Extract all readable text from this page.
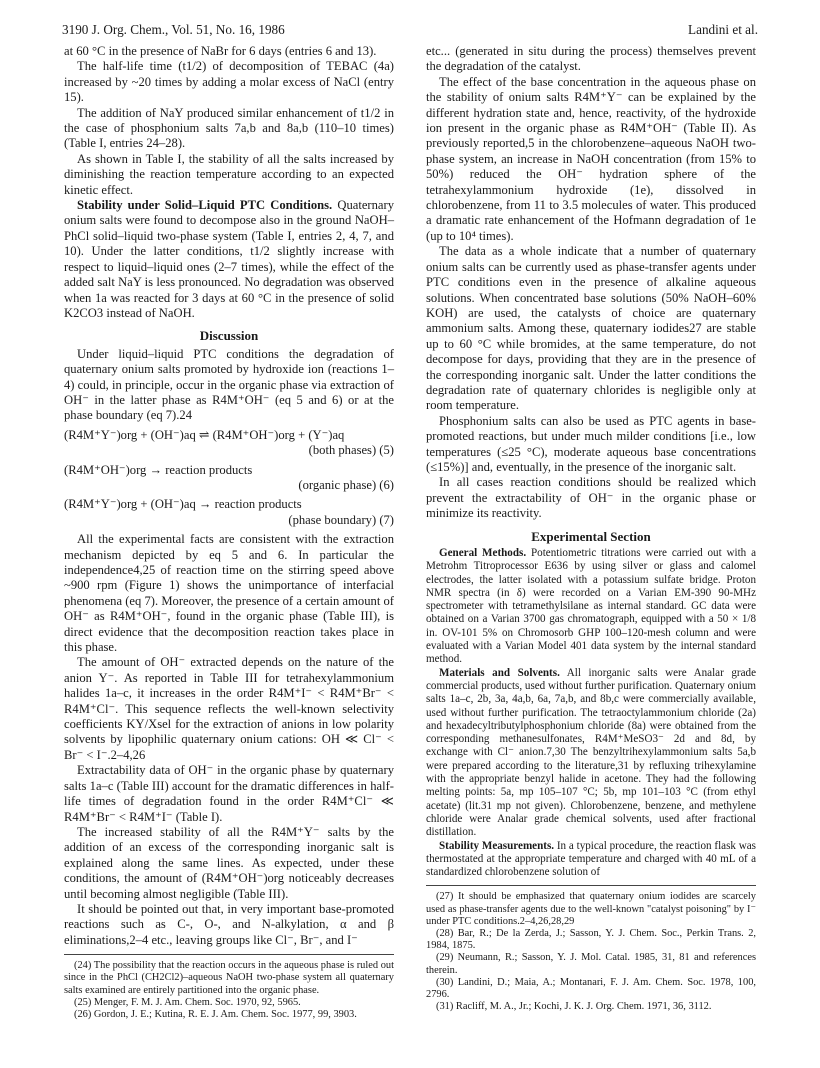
3190 J. Org. Chem., Vol. 51, No. 16, 1986	Landini et al.

at 60 °C in the presence of NaBr for 6 days (entries 6 and 13).

The half-life time (t1/2) of decomposition of TEBAC (4a) increased by ~20 times by adding a molar excess of NaCl (entry 15).

The addition of NaY produced similar enhancement of t1/2 in the case of phosphonium salts 7a,b and 8a,b (110–10 times) (Table I, entries 24–28).

As shown in Table I, the stability of all the salts increased by diminishing the reaction temperature according to an expected kinetic effect.

Stability under Solid–Liquid PTC Conditions. Quaternary onium salts were found to decompose also in the ground NaOH–PhCl solid–liquid two-phase system (Table I, entries 2, 4, 7, and 10). Under the latter conditions, t1/2 slightly increase with respect to liquid–liquid ones (2–7 times), while the effect of the added salt NaY is less pronounced. No degradation was observed when 1a was reacted for 3 days at 60 °C in the presence of solid K2CO3 instead of NaOH.

Discussion

Under liquid–liquid PTC conditions the degradation of quaternary onium salts promoted by hydroxide ion (reactions 1–4) could, in principle, occur in the organic phase via extraction of OH⁻ in the latter phase as R4M⁺OH⁻ (eq 5 and 6) or at the phase boundary (eq 7).24

(R4M⁺Y⁻)org + (OH⁻)aq ⇌ (R4M⁺OH⁻)org + (Y⁻)aq
(both phases) (5)
(R4M⁺OH⁻)org → reaction products
(organic phase) (6)
(R4M⁺Y⁻)org + (OH⁻)aq → reaction products
(phase boundary) (7)

All the experimental facts are consistent with the extraction mechanism depicted by eq 5 and 6. In particular the independence4,25 of reaction time on the stirring speed above ~900 rpm (Figure 1) shows the unimportance of interfacial phenomena (eq 7). Moreover, the presence of a certain amount of OH⁻ as R4M⁺OH⁻, found in the organic phase (Table III), is direct evidence that the decomposition reaction takes place in this phase.

The amount of OH⁻ extracted depends on the nature of the anion Y⁻. As reported in Table III for tetrahexylammonium halides 1a–c, it increases in the order R4M⁺I⁻ < R4M⁺Br⁻ < R4M⁺Cl⁻. This sequence reflects the well-known selectivity coefficients KY/Xsel for the extraction of anions in low polarity solvents by lipophilic quaternary onium cations: OH ≪ Cl⁻ < Br⁻ < I⁻.2–4,26

Extractability data of OH⁻ in the organic phase by quaternary salts 1a–c (Table III) account for the dramatic differences in half-life times of degradation found in the order R4M⁺Cl⁻ ≪ R4M⁺Br⁻ < R4M⁺I⁻ (Table I).

The increased stability of all the R4M⁺Y⁻ salts by the addition of an excess of the corresponding inorganic salt is explained along the same lines. As expected, under these conditions, the amount of (R4M⁺OH⁻)org noticeably decreases until becoming almost negligible (Table III).

It should be pointed out that, in very important base-promoted reactions such as C-, O-, and N-alkylation, α and β eliminations,2–4 etc., leaving groups like Cl⁻, Br⁻, and I⁻

(24) The possibility that the reaction occurs in the aqueous phase is ruled out since in the PhCl (CH2Cl2)–aqueous NaOH two-phase system all quaternary salts examined are entirely partitioned into the organic phase.

(25) Menger, F. M. J. Am. Chem. Soc. 1970, 92, 5965.

(26) Gordon, J. E.; Kutina, R. E. J. Am. Chem. Soc. 1977, 99, 3903.

etc... (generated in situ during the process) themselves prevent the degradation of the catalyst.

The effect of the base concentration in the aqueous phase on the stability of onium salts R4M⁺Y⁻ can be explained by the different hydration state and, hence, reactivity, of the hydroxide ion present in the organic phase as R4M⁺OH⁻ (Table II). As previously reported,5 in the chlorobenzene–aqueous NaOH two-phase system, an increase in NaOH concentration (from 15% to 50%) reduced the OH⁻ hydration sphere of the tetrahexylammonium hydroxide (1e), dissolved in chlorobenzene, from 11 to 3.5 molecules of water. This produced a dramatic rate enhancement of the Hofmann degradation of 1e (up to 10⁴ times).

The data as a whole indicate that a number of quaternary onium salts can be currently used as phase-transfer agents under PTC conditions even in the presence of alkaline aqueous solutions. When concentrated base solutions (50% NaOH–60% KOH) are used, the catalysts of choice are quaternary ammonium salts. Among these, quaternary iodides27 are stable up to 60 °C while bromides, at the same temperature, do not decompose for days, providing that they are in the presence of the corresponding inorganic salt. Under the latter conditions the degradation rate of quaternary chlorides is negligible only at room temperature.

Phosphonium salts can also be used as PTC agents in base-promoted reactions, but under much milder conditions [i.e., low temperatures (≤25 °C), moderate aqueous base concentrations (≤15%)] and, eventually, in the presence of the inorganic salt.

In all cases reaction conditions should be realized which prevent the extractability of OH⁻ in the organic phase or minimize its reactivity.

Experimental Section

General Methods. Potentiometric titrations were carried out with a Metrohm Titroprocessor E636 by using silver or glass and calomel electrodes, the latter isolated with a potassium sulfate bridge. Proton NMR spectra (in δ) were recorded on a Varian EM-390 90-MHz spectrometer with tetramethylsilane as internal standard. GC data were obtained on a Varian 3700 gas chromatograph, equipped with a 50 × 1/8 in. OV-101 5% on Chromosorb GHP 100–120-mesh column and were evaluated with a Varian Model 401 data system by the internal standard method.

Materials and Solvents. All inorganic salts were Analar grade commercial products, used without further purification. Quaternary onium salts 1a–c, 2b, 3a, 4a,b, 6a, 7a,b, and 8b,c were commercially available, used without further purification. The tetraoctylammonium chloride (2a) and hexadecyltributylphosphonium chloride (8a) were obtained from the corresponding methanesulfonates, R4M⁺MeSO3⁻ 2d and 8d, by exchange with Cl⁻ anion.7,30 The benzyltrihexylammonium salts 5a,b were prepared according to the literature,31 by refluxing trihexylamine with the appropriate benzyl halide in acetone. They had the following melting points: 5a, mp 105–107 °C; 5b, mp 101–103 °C (from ethyl acetate) (lit.31 mp not given). Chlorobenzene, benzene, and methylene chloride were Analar grade chemical solvents, used after fractional distillation.

Stability Measurements. In a typical procedure, the reaction flask was thermostated at the appropriate temperature and charged with 40 mL of a standardized chlorobenzene solution of

(27) It should be emphasized that quaternary onium iodides are scarcely used as phase-transfer agents due to the well-known "catalyst poisoning" by I⁻ under PTC conditions.2–4,26,28,29

(28) Bar, R.; De la Zerda, J.; Sasson, Y. J. Chem. Soc., Perkin Trans. 2, 1984, 1875.

(29) Neumann, R.; Sasson, Y. J. Mol. Catal. 1985, 31, 81 and references therein.

(30) Landini, D.; Maia, A.; Montanari, F. J. Am. Chem. Soc. 1978, 100, 2796.

(31) Racliff, M. A., Jr.; Kochi, J. K. J. Org. Chem. 1971, 36, 3112.
